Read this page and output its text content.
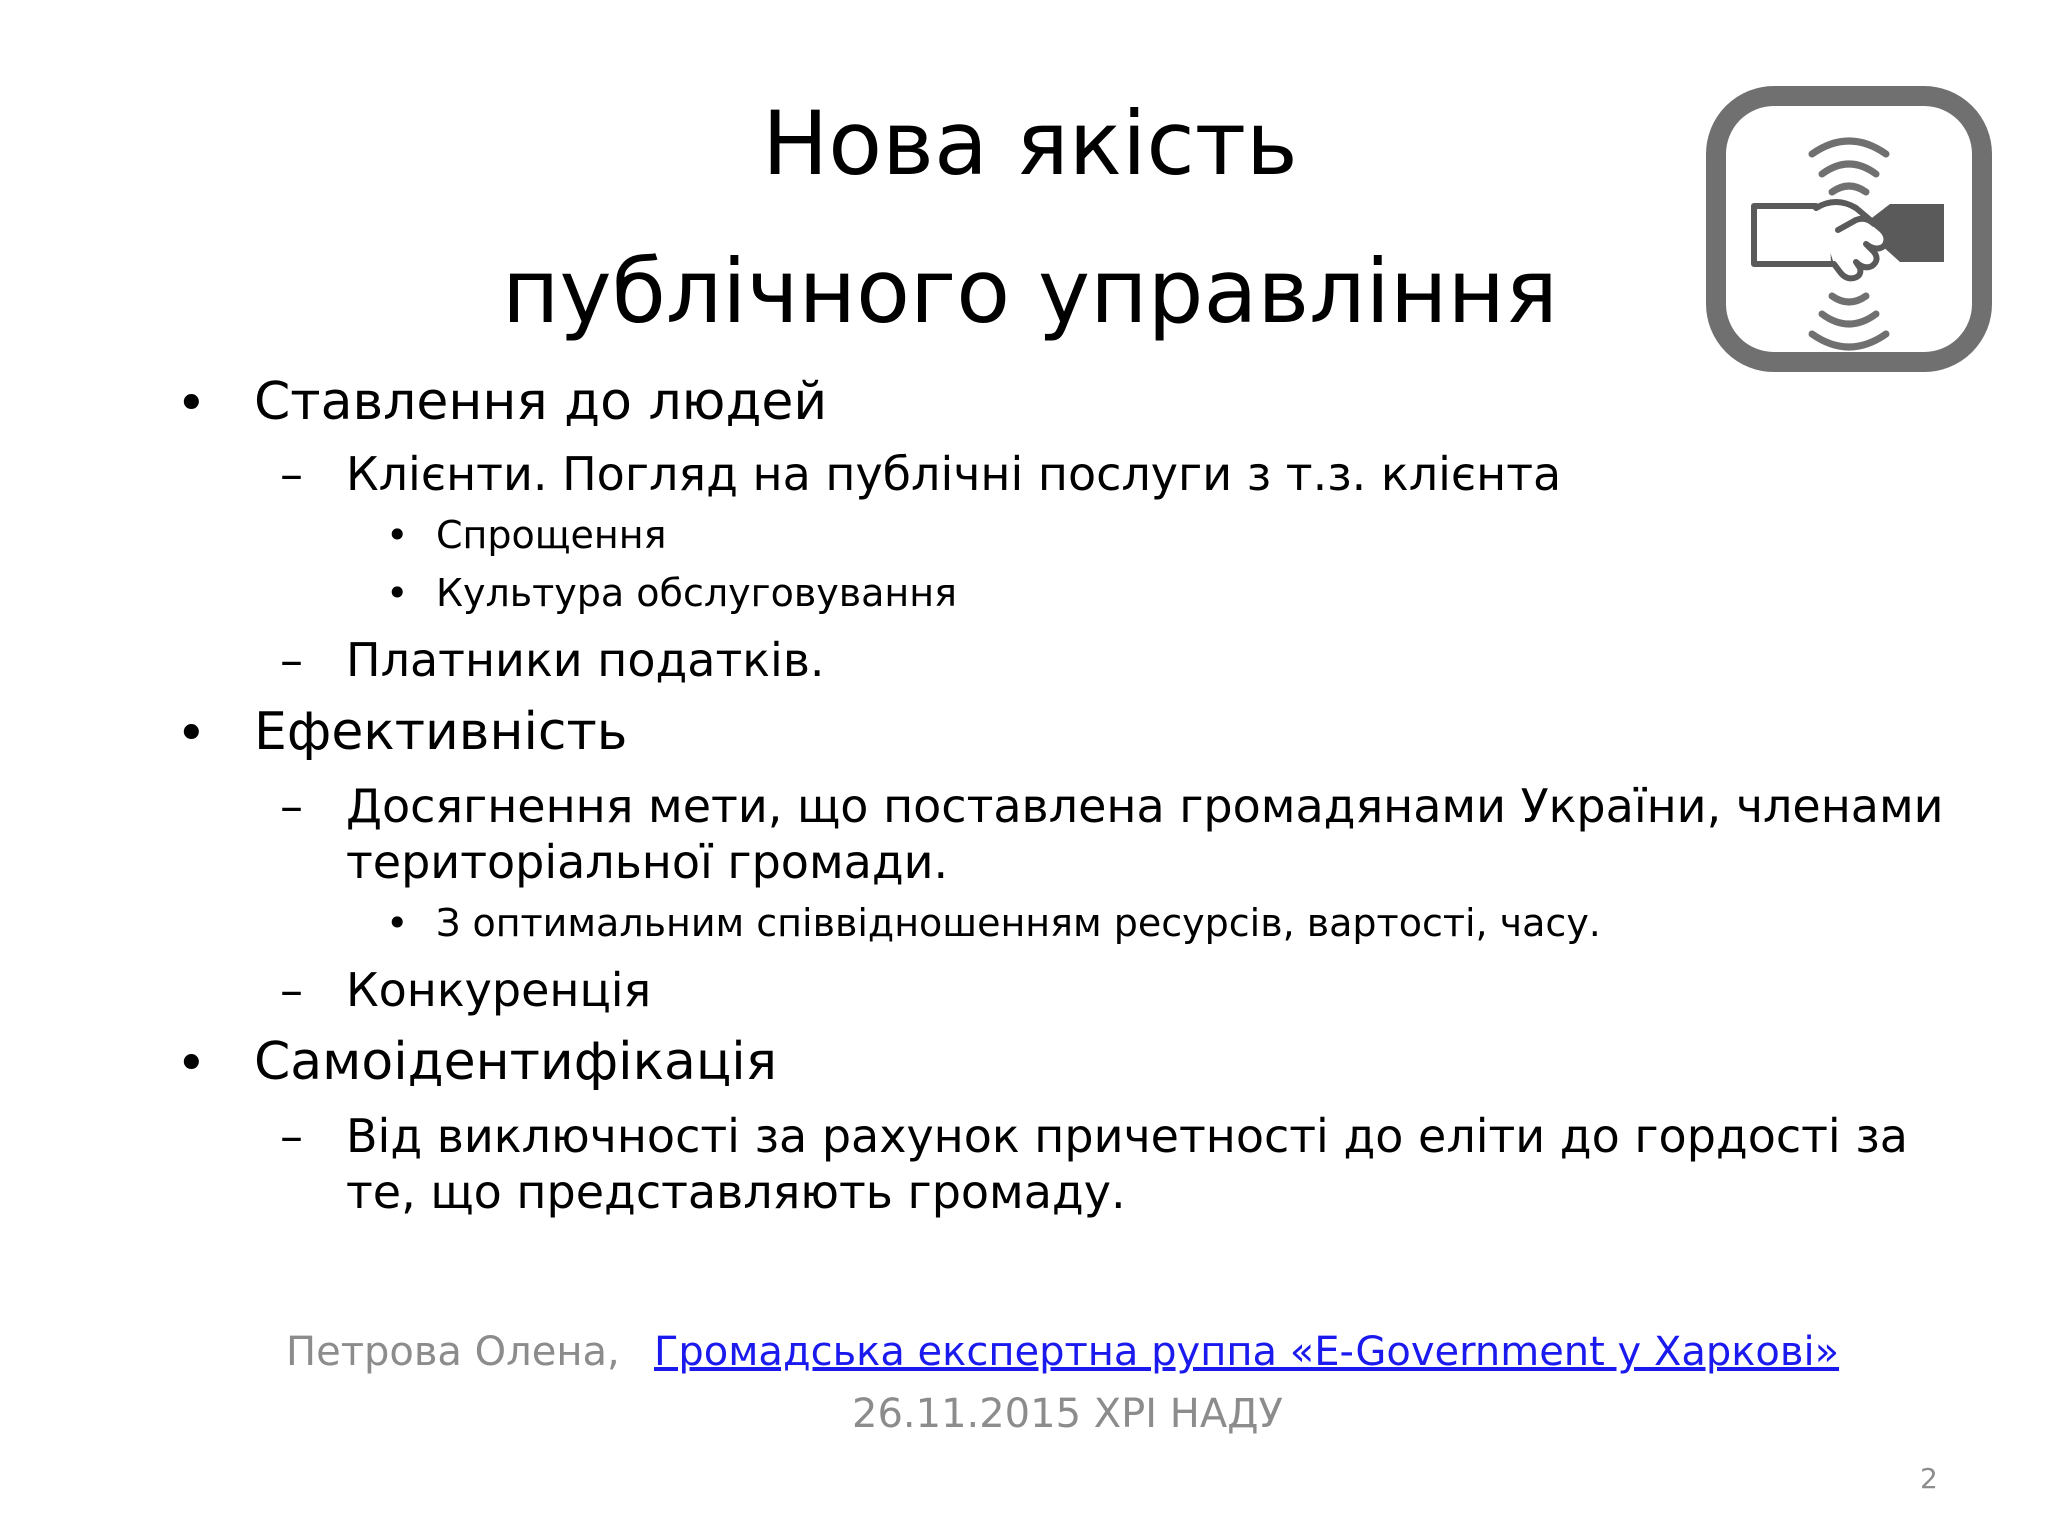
Нова якість
публічного управління
• Ставлення до людей
– Клієнти. Погляд на публічні послуги з т.з. клієнта
• Спрощення
• Культура обслуговування
– Платники податків.
• Ефективність
– Досягнення мети, що поставлена громадянами України, членами
територіальної громади.
• З оптимальним співвідношенням ресурсів, вартості, часу.
– Конкуренція
• Самоідентифікація
– Від виключності за рахунок причетності до еліти до гордості за
те, що представляють громаду.
Петрова Олена, Громадська експертна руппа «E-Government у Харкові»
26.11.2015 ХРІ НАДУ
2
